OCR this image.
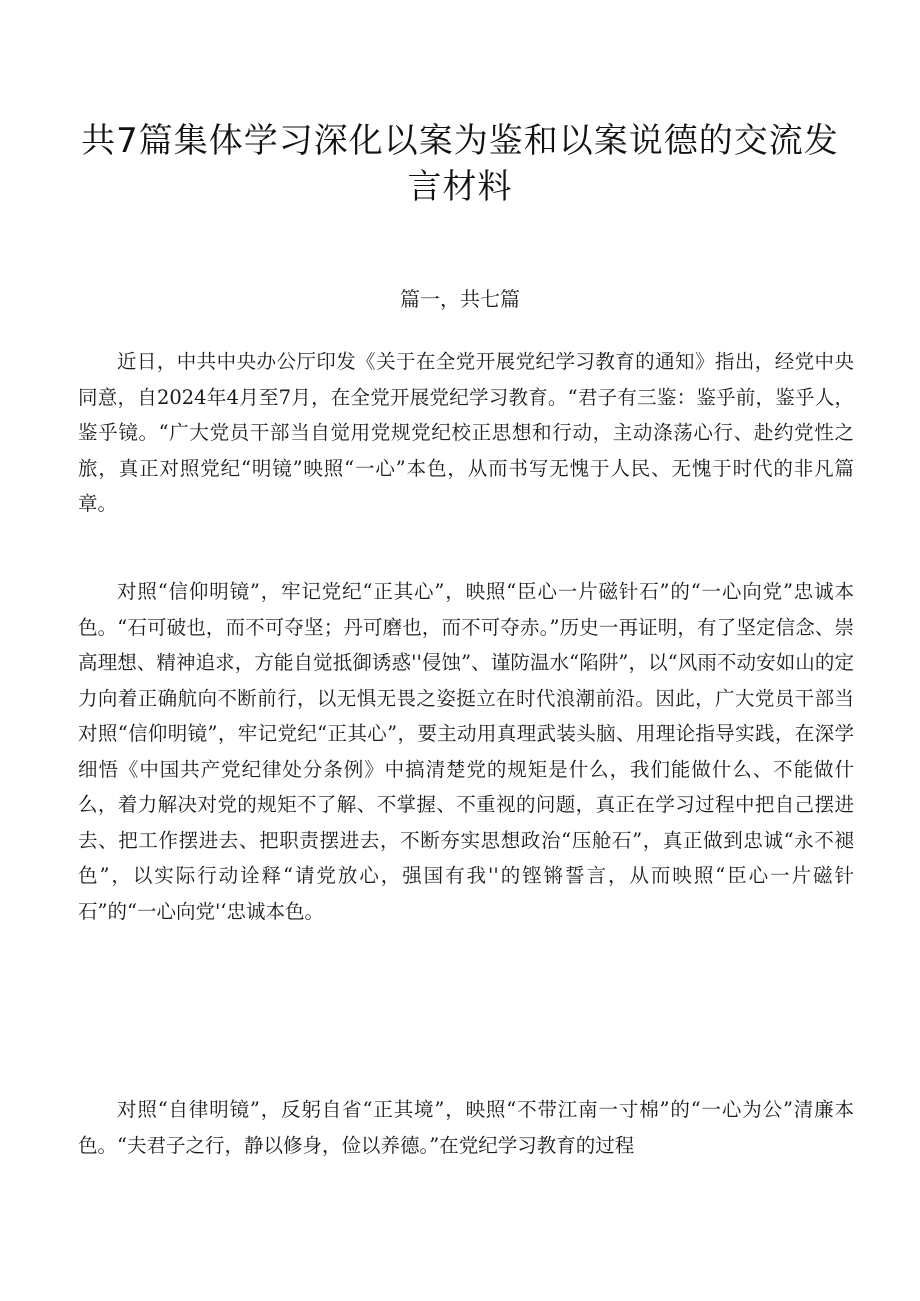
共7篇集体学习深化以案为鉴和以案说德的交流发言材料
篇一，共七篇

近日，中共中央办公厅印发《关于在全党开展党纪学习教育的通知》指出，经党中央同意，自2024年4月至7月，在全党开展党纪学习教育。“君子有三鉴：鉴乎前，鉴乎人，鉴乎镜。“广大党员干部当自觉用党规党纪校正思想和行动，主动涤荡心行、赴约党性之旅，真正对照党纪“明镜”映照“一心”本色，从而书写无愧于人民、无愧于时代的非凡篇章。

对照“信仰明镜”，牢记党纪“正其心”，映照“臣心一片磁针石”的“一心向党”忠诚本色。“石可破也，而不可夺坚；丹可磨也，而不可夺赤。”历史一再证明，有了坚定信念、崇高理想、精神追求，方能自觉抵御诱惑''侵蚀”、谨防温水“陷阱”，以“风雨不动安如山的定力向着正确航向不断前行，以无惧无畏之姿挺立在时代浪潮前沿。因此，广大党员干部当对照“信仰明镜”，牢记党纪“正其心”，要主动用真理武装头脑、用理论指导实践，在深学细悟《中国共产党纪律处分条例》中搞清楚党的规矩是什么，我们能做什么、不能做什么，着力解决对党的规矩不了解、不掌握、不重视的问题，真正在学习过程中把自己摆进去、把工作摆进去、把职责摆进去，不断夯实思想政治“压舱石”，真正做到忠诚“永不褪色”，以实际行动诠释“请党放心，强国有我''的铿锵誓言，从而映照“臣心一片磁针石”的“一心向党'‘忠诚本色。

对照“自律明镜”，反躬自省“正其境”，映照“不带江南一寸棉”的“一心为公”清廉本色。“夫君子之行，静以修身，俭以养德。”在党纪学习教育的过程
